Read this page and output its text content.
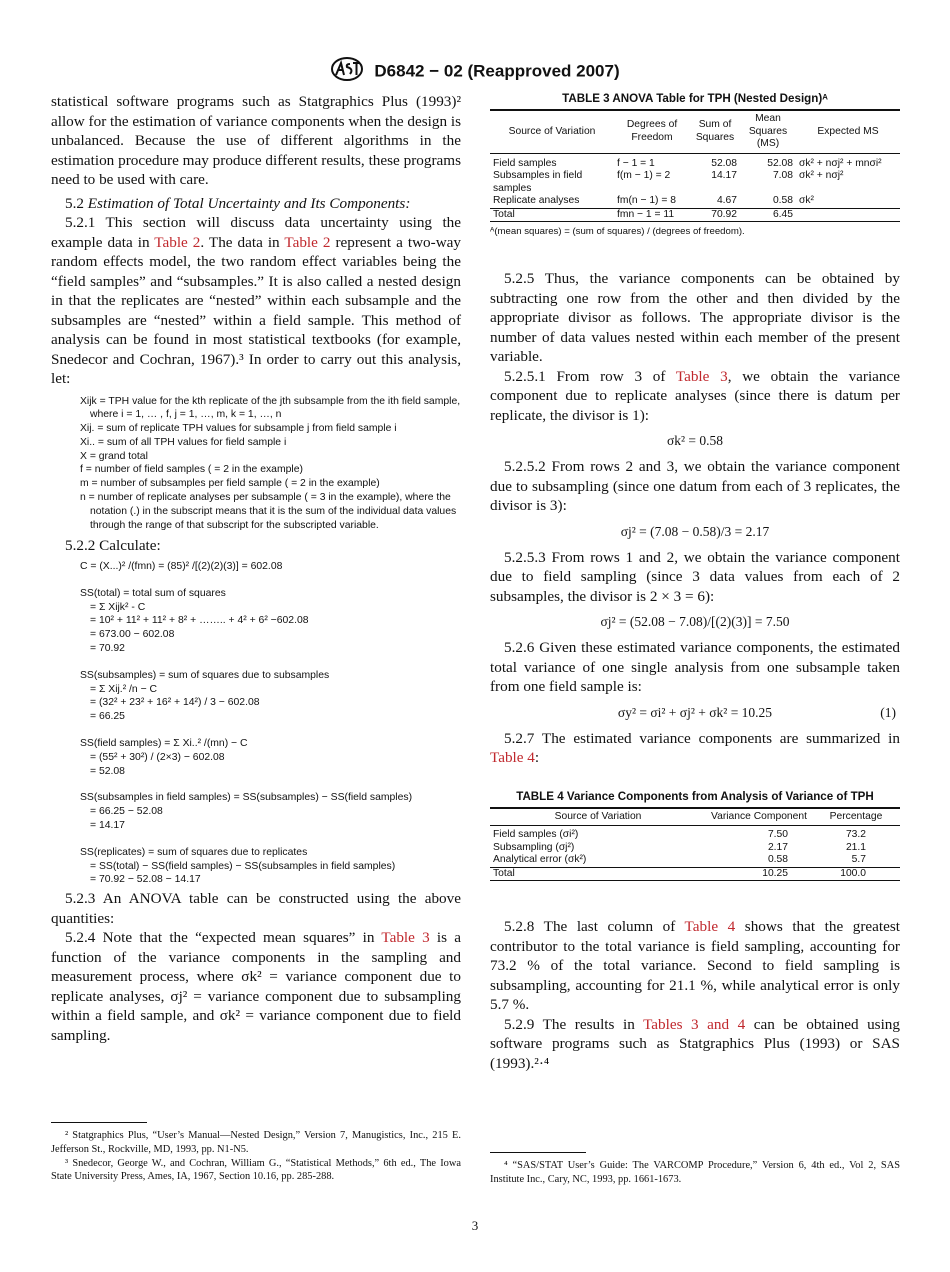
D6842 − 02 (Reapproved 2007)

statistical software programs such as Statgraphics Plus (1993)² allow for the estimation of variance components when the design is unbalanced. Because the use of different algorithms in the estimation procedure may produce different results, these programs need to be used with care.

5.2 Estimation of Total Uncertainty and Its Components:

5.2.1 This section will discuss data uncertainty using the example data in Table 2. The data in Table 2 represent a two-way random effects model, the two random effect variables being the “field samples” and “subsamples.” It is also called a nested design in that the replicates are “nested” within each subsample and the subsamples are “nested” within a field sample. This method of analysis can be found in most statistical textbooks (for example, Snedecor and Cochran, 1967).³ In order to carry out this analysis, let:

Xijk = TPH value for the kth replicate of the jth subsample from the ith field sample, where i = 1, … , f, j = 1, …, m, k = 1, …, n
Xij. = sum of replicate TPH values for subsample j from field sample i
Xi.. = sum of all TPH values for field sample i
X = grand total
f = number of field samples ( = 2 in the example)
m = number of subsamples per field sample ( = 2 in the example)
n = number of replicate analyses per subsample ( = 3 in the example), where the notation (.) in the subscript means that it is the sum of the individual data values through the range of that subscript for the subscripted variable.

5.2.2 Calculate:

C = (X...)² /(fmn) = (85)² /[(2)(2)(3)] = 602.08
SS(total) = total sum of squares
= Σ Xijk² - C
= 10² + 11² + 11² + 8² + …….. + 4² + 6² −602.08
= 673.00 − 602.08
= 70.92
SS(subsamples) = sum of squares due to subsamples
= Σ Xij.² /n − C
= (32² + 23² + 16² + 14²) / 3 − 602.08
= 66.25
SS(field samples) = Σ Xi..² /(mn) − C
= (55² + 30²) / (2×3) − 602.08
= 52.08
SS(subsamples in field samples) = SS(subsamples) − SS(field samples)
= 66.25 − 52.08
= 14.17
SS(replicates) = sum of squares due to replicates
= SS(total) − SS(field samples) − SS(subsamples in field samples)
= 70.92 − 52.08 − 14.17

5.2.3 An ANOVA table can be constructed using the above quantities:

5.2.4 Note that the “expected mean squares” in Table 3 is a function of the variance components in the sampling and measurement process, where σk² = variance component due to replicate analyses, σj² = variance component due to subsampling within a field sample, and σk² = variance component due to field sampling.

² Statgraphics Plus, “User’s Manual—Nested Design,” Version 7, Manugistics, Inc., 215 E. Jefferson St., Rockville, MD, 1993, pp. N1-N5.
³ Snedecor, George W., and Cochran, William G., “Statistical Methods,” 6th ed., The Iowa State University Press, Ames, IA, 1967, Section 10.16, pp. 285-288.
TABLE 3 ANOVA Table for TPH (Nested Design)ᴬ
Source of Variation	Degrees of Freedom	Sum of Squares	Mean Squares (MS)	Expected MS
Field samples	f − 1 = 1	52.08	52.08	σk² + nσj² + mnσi²
Subsamples in field samples	f(m − 1) = 2	14.17	7.08	σk² + nσj²
Replicate analyses	fm(n − 1) = 8	4.67	0.58	σk²
Total	fmn − 1 = 11	70.92	6.45	
ᴬ(mean squares) = (sum of squares) / (degrees of freedom).

5.2.5 Thus, the variance components can be obtained by subtracting one row from the other and then divided by the appropriate divisor as follows. The appropriate divisor is the number of data values nested within each member of the present variable.

5.2.5.1 From row 3 of Table 3, we obtain the variance component due to replicate analyses (since there is datum per replicate, the divisor is 1):

σk² = 0.58

5.2.5.2 From rows 2 and 3, we obtain the variance component due to subsampling (since one datum from each of 3 replicates, the divisor is 3):

σj² = (7.08 − 0.58)/3 = 2.17

5.2.5.3 From rows 1 and 2, we obtain the variance component due to field sampling (since 3 data values from each of 2 subsamples, the divisor is 2 × 3 = 6):

σj² = (52.08 − 7.08)/[(2)(3)] = 7.50

5.2.6 Given these estimated variance components, the estimated total variance of one single analysis from one subsample taken from one field sample is:

σy² = σi² + σj² + σk² = 10.25	(1)

5.2.7 The estimated variance components are summarized in Table 4:

TABLE 4 Variance Components from Analysis of Variance of TPH
Source of Variation	Variance Component	Percentage
Field samples (σi²)	7.50	73.2
Subsampling (σj²)	2.17	21.1
Analytical error (σk²)	0.58	5.7
Total	10.25	100.0

5.2.8 The last column of Table 4 shows that the greatest contributor to the total variance is field sampling, accounting for 73.2 % of the total variance. Second to field sampling is subsampling, accounting for 21.1 %, while analytical error is only 5.7 %.

5.2.9 The results in Tables 3 and 4 can be obtained using software programs such as Statgraphics Plus (1993) or SAS (1993).²·⁴

⁴ “SAS/STAT User’s Guide: The VARCOMP Procedure,” Version 6, 4th ed., Vol 2, SAS Institute Inc., Cary, NC, 1993, pp. 1661-1673.
3
